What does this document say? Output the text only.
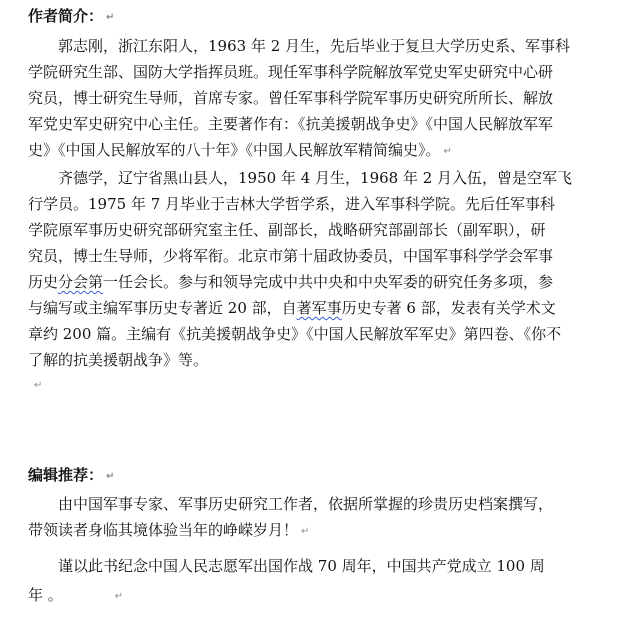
作者简介： ↵
郭志刚，浙江东阳人，1963 年 2 月生，先后毕业于复旦大学历史系、军事科
学院研究生部、国防大学指挥员班。现任军事科学院解放军党史军史研究中心研
究员，博士研究生导师，首席专家。曾任军事科学院军事历史研究所所长、解放
军党史军史研究中心主任。主要著作有：《抗美援朝战争史》《中国人民解放军军
史》《中国人民解放军的八十年》《中国人民解放军精简编史》。 ↵
齐德学，辽宁省黑山县人，1950 年 4 月生，1968 年 2 月入伍，曾是空军飞
行学员。1975 年 7 月毕业于吉林大学哲学系，进入军事科学院。先后任军事科
学院原军事历史研究部研究室主任、副部长，战略研究部副部长（副军职），研
究员，博士生导师，少将军衔。北京市第十届政协委员，中国军事科学学会军事
历史分会第一任会长。参与和领导完成中共中央和中央军委的研究任务多项，参
与编写或主编军事历史专著近 20 部，自著军事历史专著 6 部，发表有关学术文
章约 200 篇。主编有《抗美援朝战争史》《中国人民解放军军史》第四卷、《你不
了解的抗美援朝战争》等。
↵
编辑推荐： ↵
由中国军事专家、军事历史研究工作者，依据所掌握的珍贵历史档案撰写，
带领读者身临其境体验当年的峥嵘岁月！ ↵
谨以此书纪念中国人民志愿军出国作战 70 周年，中国共产党成立 100 周
年 。	↵
